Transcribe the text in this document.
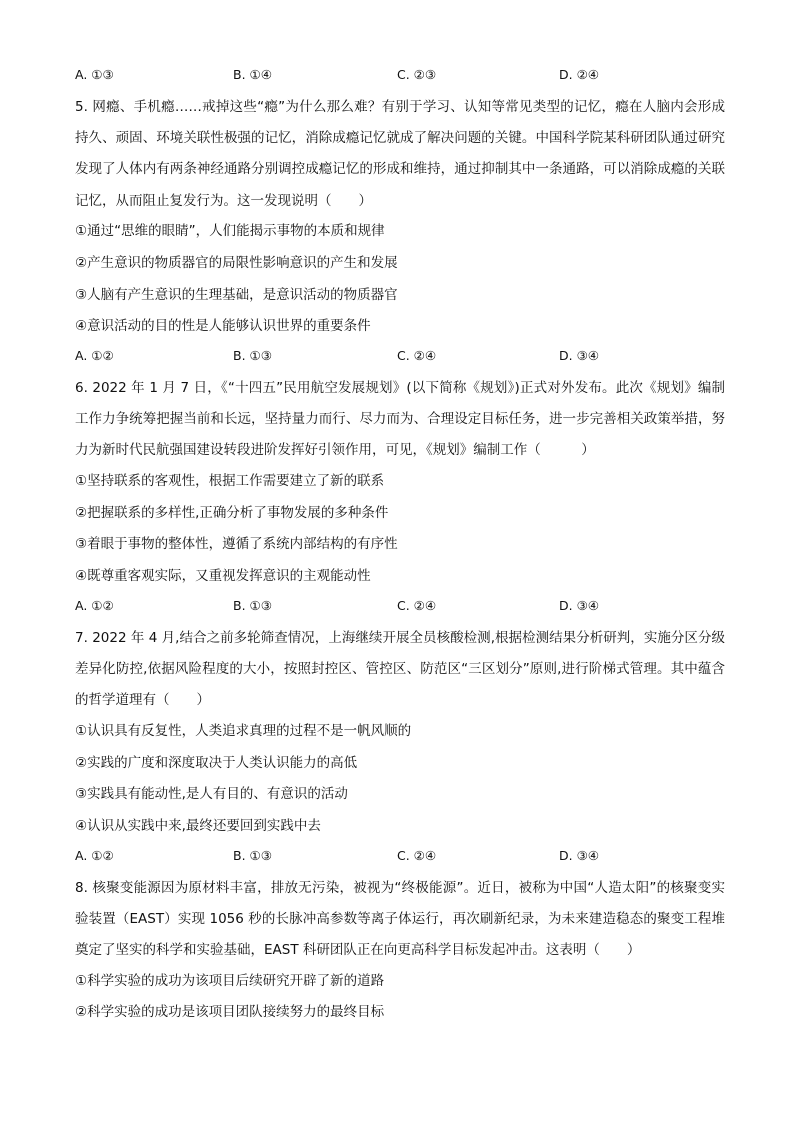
A. ①③	B. ①④	C. ②③	D. ②④

5. 网瘾、手机瘾……戒掉这些“瘾”为什么那么难？有别于学习、认知等常见类型的记忆，瘾在人脑内会形成持久、顽固、环境关联性极强的记忆，消除成瘾记忆就成了解决问题的关键。中国科学院某科研团队通过研究发现了人体内有两条神经通路分别调控成瘾记忆的形成和维持，通过抑制其中一条通路，可以消除成瘾的关联记忆，从而阻止复发行为。这一发现说明（　　）

①通过“思维的眼睛”，人们能揭示事物的本质和规律
②产生意识的物质器官的局限性影响意识的产生和发展
③人脑有产生意识的生理基础，是意识活动的物质器官
④意识活动的目的性是人能够认识世界的重要条件
A. ①②	B. ①③	C. ②④	D. ③④

6. 2022 年 1 月 7 日，《“十四五”民用航空发展规划》(以下简称《规划》)正式对外发布。此次《规划》编制工作力争统筹把握当前和长远，坚持量力而行、尽力而为、合理设定目标任务，进一步完善相关政策举措，努力为新时代民航强国建设转段进阶发挥好引领作用，可见，《规划》编制工作（　　　）

①坚持联系的客观性，根据工作需要建立了新的联系
②把握联系的多样性,正确分析了事物发展的多种条件
③着眼于事物的整体性，遵循了系统内部结构的有序性
④既尊重客观实际，又重视发挥意识的主观能动性
A. ①②	B. ①③	C. ②④	D. ③④

7. 2022 年 4 月,结合之前多轮筛查情况，上海继续开展全员核酸检测,根据检测结果分析研判，实施分区分级差异化防控,依据风险程度的大小，按照封控区、管控区、防范区“三区划分”原则,进行阶梯式管理。其中蕴含的哲学道理有（　　）

①认识具有反复性，人类追求真理的过程不是一帆风顺的
②实践的广度和深度取决于人类认识能力的高低
③实践具有能动性,是人有目的、有意识的活动
④认识从实践中来,最终还要回到实践中去
A. ①②	B. ①③	C. ②④	D. ③④

8. 核聚变能源因为原材料丰富，排放无污染，被视为“终极能源”。近日，被称为中国“人造太阳”的核聚变实验装置（EAST）实现 1056 秒的长脉冲高参数等离子体运行，再次刷新纪录，为未来建造稳态的聚变工程堆奠定了坚实的科学和实验基础，EAST 科研团队正在向更高科学目标发起冲击。这表明（　　）

①科学实验的成功为该项目后续研究开辟了新的道路
②科学实验的成功是该项目团队接续努力的最终目标
